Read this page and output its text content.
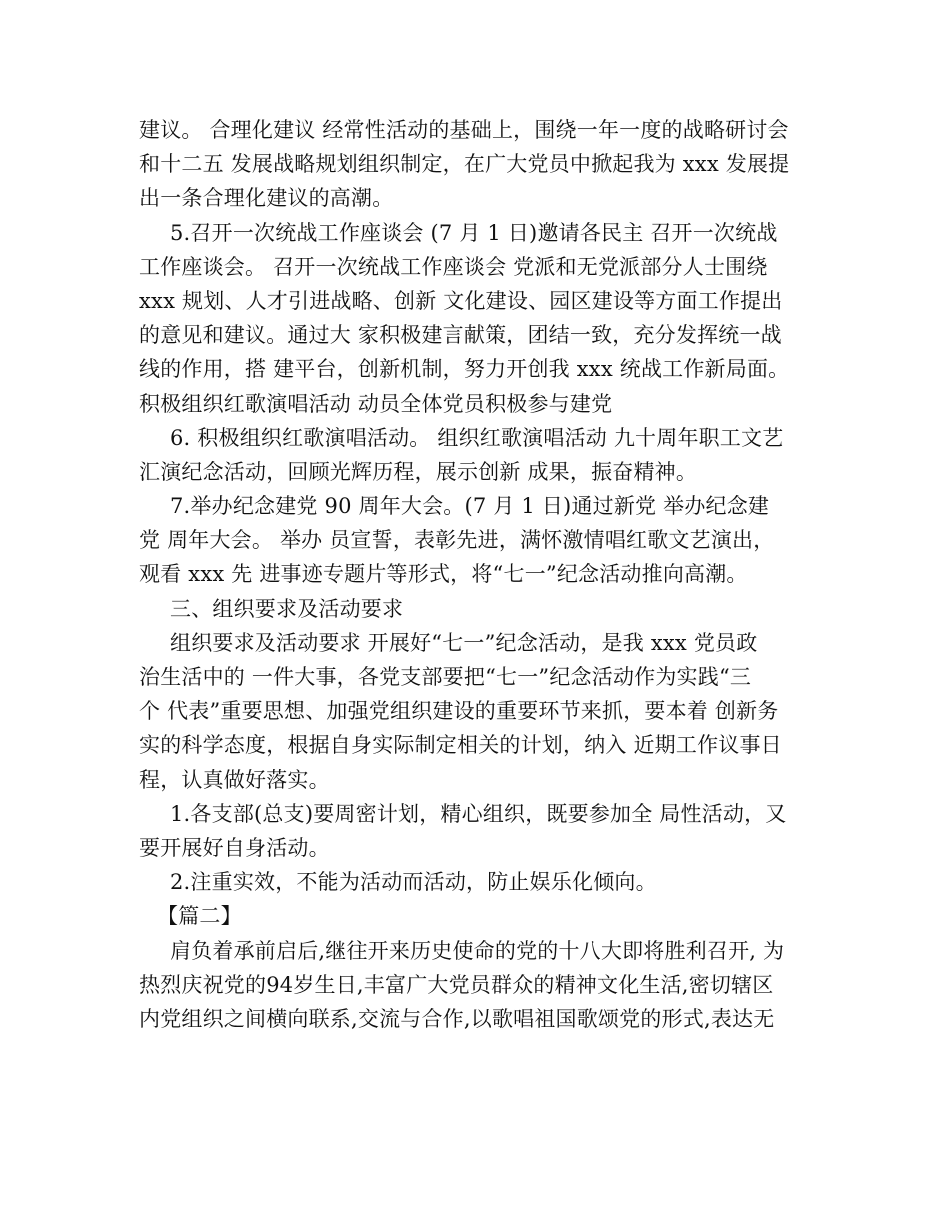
建议。 合理化建议 经常性活动的基础上，围绕一年一度的战略研讨会
和十二五 发展战略规划组织制定，在广大党员中掀起我为 xxx 发展提
出一条合理化建议的高潮。
5.召开一次统战工作座谈会 (7 月 1 日)邀请各民主 召开一次统战
工作座谈会。 召开一次统战工作座谈会 党派和无党派部分人士围绕
xxx 规划、人才引进战略、创新 文化建设、园区建设等方面工作提出
的意见和建议。通过大 家积极建言献策，团结一致，充分发挥统一战
线的作用，搭 建平台，创新机制，努力开创我 xxx 统战工作新局面。
积极组织红歌演唱活动 动员全体党员积极参与建党
6. 积极组织红歌演唱活动。 组织红歌演唱活动 九十周年职工文艺
汇演纪念活动，回顾光辉历程，展示创新 成果，振奋精神。
7.举办纪念建党 90 周年大会。(7 月 1 日)通过新党 举办纪念建
党 周年大会。 举办 员宣誓，表彰先进，满怀激情唱红歌文艺演出，
观看 xxx 先 进事迹专题片等形式，将“七一”纪念活动推向高潮。
三、组织要求及活动要求
组织要求及活动要求 开展好“七一”纪念活动，是我 xxx 党员政
治生活中的 一件大事，各党支部要把“七一”纪念活动作为实践“三
个 代表”重要思想、加强党组织建设的重要环节来抓，要本着 创新务
实的科学态度，根据自身实际制定相关的计划，纳入 近期工作议事日
程，认真做好落实。
1.各支部(总支)要周密计划，精心组织，既要参加全 局性活动，又
要开展好自身活动。
2.注重实效，不能为活动而活动，防止娱乐化倾向。
【篇二】
肩负着承前启后,继往开来历史使命的党的十八大即将胜利召开, 为
热烈庆祝党的94岁生日,丰富广大党员群众的精神文化生活,密切辖区
内党组织之间横向联系,交流与合作,以歌唱祖国歌颂党的形式,表达无
